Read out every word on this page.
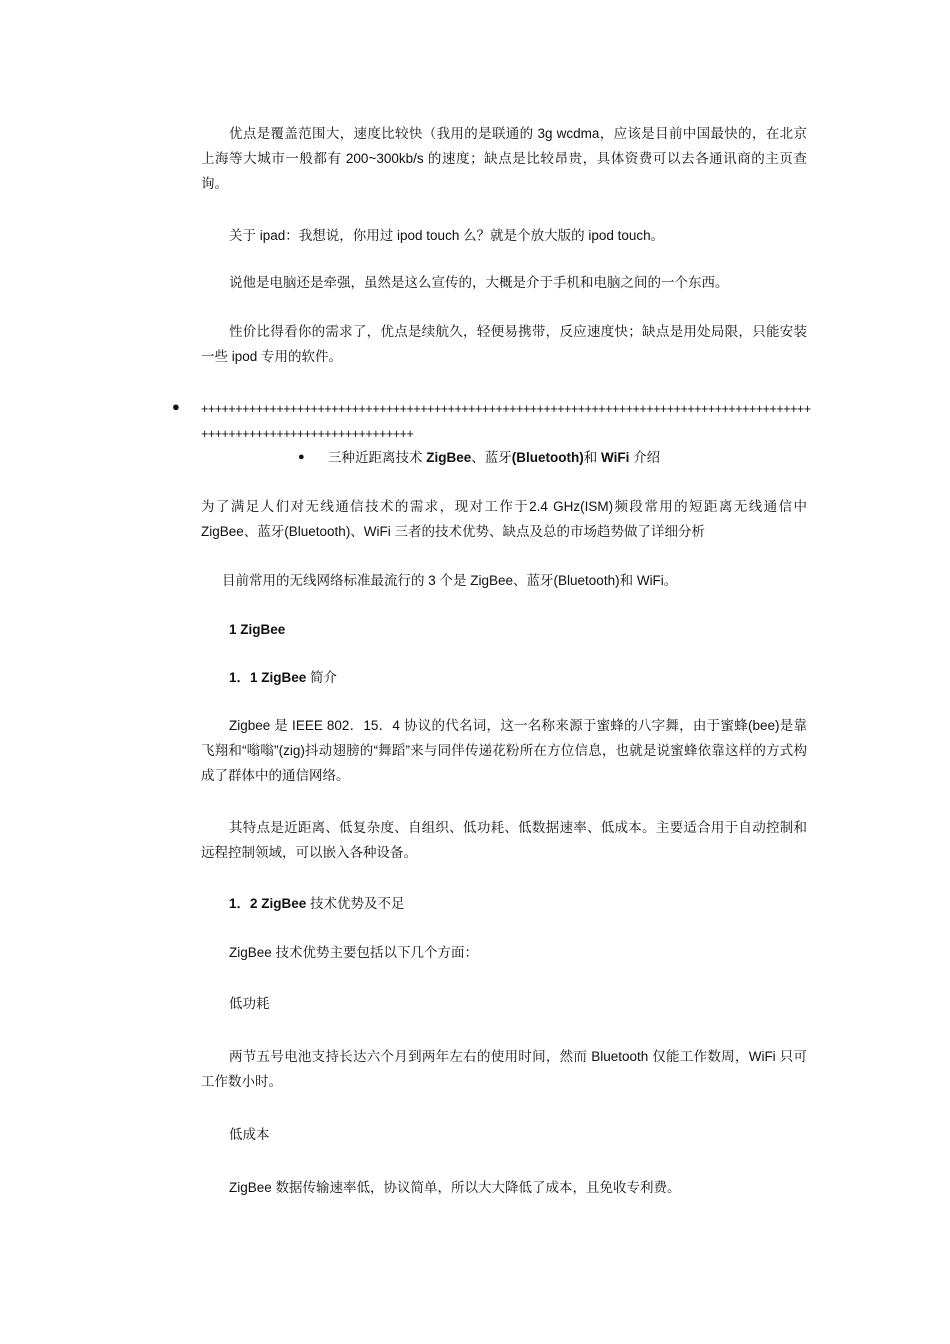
优点是覆盖范围大，速度比较快（我用的是联通的 3g wcdma，应该是目前中国最快的，在北京上海等大城市一般都有 200~300kb/s 的速度；缺点是比较昂贵，具体资费可以去各通讯商的主页查询。

关于 ipad：我想说，你用过 ipod touch 么？就是个放大版的 ipod touch。

说他是电脑还是牵强，虽然是这么宣传的，大概是介于手机和电脑之间的一个东西。

性价比得看你的需求了，优点是续航久，轻便易携带，反应速度快；缺点是用处局限，只能安装一些 ipod 专用的软件。

● ++++++++++++++++++++++++++++++++++++++++++++++++++++++++++++++++++++++++++++++++++++++++++++++++++++++++++++++++++++++++

● 三种近距离技术 ZigBee、蓝牙(Bluetooth)和 WiFi 介绍

为了满足人们对无线通信技术的需求，现对工作于2.4 GHz(ISM)频段常用的短距离无线通信中 ZigBee、蓝牙(Bluetooth)、WiFi 三者的技术优势、缺点及总的市场趋势做了详细分析

目前常用的无线网络标准最流行的 3 个是 ZigBee、蓝牙(Bluetooth)和 WiFi。

1 ZigBee

1．1 ZigBee 简介

Zigbee 是 IEEE 802．15．4 协议的代名词，这一名称来源于蜜蜂的八字舞，由于蜜蜂(bee)是靠飞翔和“嗡嗡”(zig)抖动翅膀的“舞蹈”来与同伴传递花粉所在方位信息，也就是说蜜蜂依靠这样的方式构成了群体中的通信网络。

其特点是近距离、低复杂度、自组织、低功耗、低数据速率、低成本。主要适合用于自动控制和远程控制领域，可以嵌入各种设备。

1．2 ZigBee 技术优势及不足

ZigBee 技术优势主要包括以下几个方面：

低功耗

两节五号电池支持长达六个月到两年左右的使用时间，然而 Bluetooth 仅能工作数周，WiFi 只可工作数小时。

低成本

ZigBee 数据传输速率低，协议简单，所以大大降低了成本，且免收专利费。
